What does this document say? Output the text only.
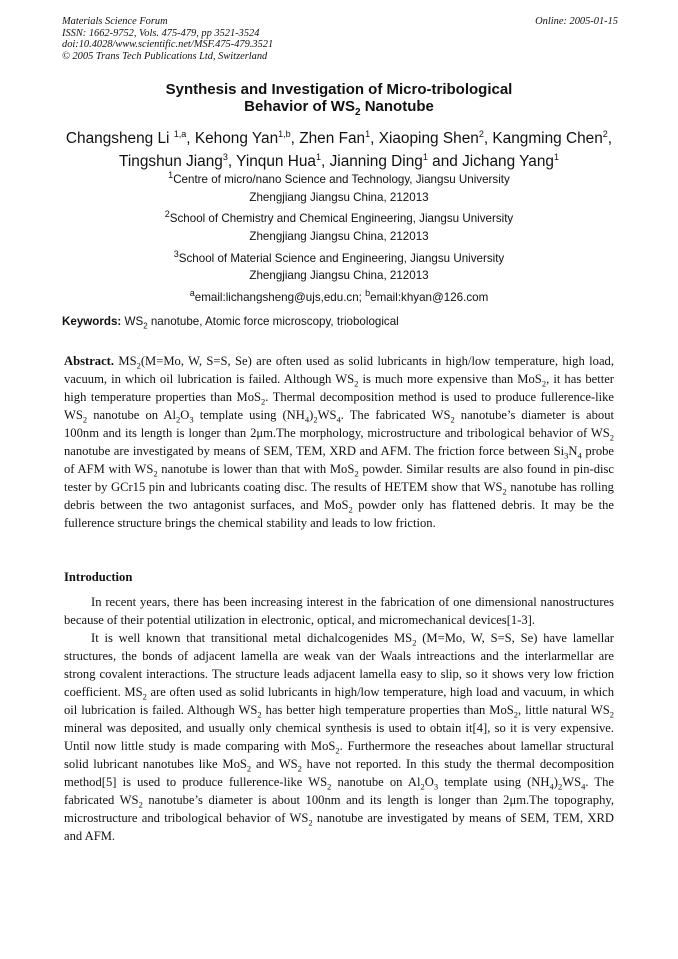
Materials Science Forum
ISSN: 1662-9752, Vols. 475-479, pp 3521-3524
doi:10.4028/www.scientific.net/MSF.475-479.3521
© 2005 Trans Tech Publications Ltd, Switzerland
Online: 2005-01-15
Synthesis and Investigation of Micro-tribological
Behavior of $WS_2$ Nanotube
Changsheng Li $^{1,a}$, Kehong Yan$^{1,b}$, Zhen Fan$^1$, Xiaoping Shen$^2$, Kangming Chen$^2$,
Tingshun Jiang$^3$, Yinqun Hua$^1$, Jianning Ding$^1$ and Jichang Yang$^1$
$^1$Centre of micro/nano Science and Technology, Jiangsu University
Zhengjiang Jiangsu China, 212013
$^2$School of Chemistry and Chemical Engineering, Jiangsu University
Zhengjiang Jiangsu China, 212013
$^3$School of Material Science and Engineering, Jiangsu University
Zhengjiang Jiangsu China, 212013
$^a$email:lichangsheng@ujs,edu.cn; $^b$email:khyan@126.com
Keywords: $WS_2$ nanotube, Atomic force microscopy, triobological
Abstract. $MS_2(M=Mo$, W, S=S, Se) are often used as solid lubricants in high/low temperature, high load, vacuum, in which oil lubrication is failed. Although $WS_2$ is much more expensive than MoS$_2$, it has better high temperature properties than MoS$_2$. Thermal decomposition method is used to produce fullerence-like $WS_2$ nanotube on $Al_2O_3$ template using $(NH_4)_2WS_4$. The fabricated $WS_2$ nanotube’s diameter is about 100nm and its length is longer than 2μm.The morphology, microstructure and tribological behavior of $WS_2$ nanotube are investigated by means of SEM, TEM, XRD and AFM. The friction force between $Si_3N_4$ probe of AFM with $WS_2$ nanotube is lower than that with MoS$_2$ powder. Similar results are also found in pin-disc tester by GCr15 pin and lubricants coating disc. The results of HETEM show that $WS_2$ nanotube has rolling debris between the two antagonist surfaces, and MoS$_2$ powder only has flattened debris. It may be the fullerence structure brings the chemical stability and leads to low friction.
Introduction

In recent years, there has been increasing interest in the fabrication of one dimensional nanostructures because of their potential utilization in electronic, optical, and micromechanical devices[1-3].

It is well known that transitional metal dichalcogenides $MS_2$ (M=Mo, W, S=S, Se) have lamellar structures, the bonds of adjacent lamella are weak van der Waals intreactions and the interlarmellar are strong covalent interactions. The structure leads adjacent lamella easy to slip, so it shows very low friction coefficient. $MS_2$ are often used as solid lubricants in high/low temperature, high load and vacuum, in which oil lubrication is failed. Although $WS_2$ has better high temperature properties than MoS$_2$, little natural $WS_2$ mineral was deposited, and usually only chemical synthesis is used to obtain it[4], so it is very expensive. Until now little study is made comparing with MoS$_2$. Furthermore the reseaches about lamellar structural solid lubricant nanotubes like MoS$_2$ and $WS_2$ have not reported. In this study the thermal decomposition method[5] is used to produce fullerence-like $WS_2$ nanotube on $Al_2O_3$ template using $(NH_4)_2WS_4$. The fabricated $WS_2$ nanotube’s diameter is about 100nm and its length is longer than 2μm.The topography, microstructure and tribological behavior of $WS_2$ nanotube are investigated by means of SEM, TEM, XRD and AFM.
